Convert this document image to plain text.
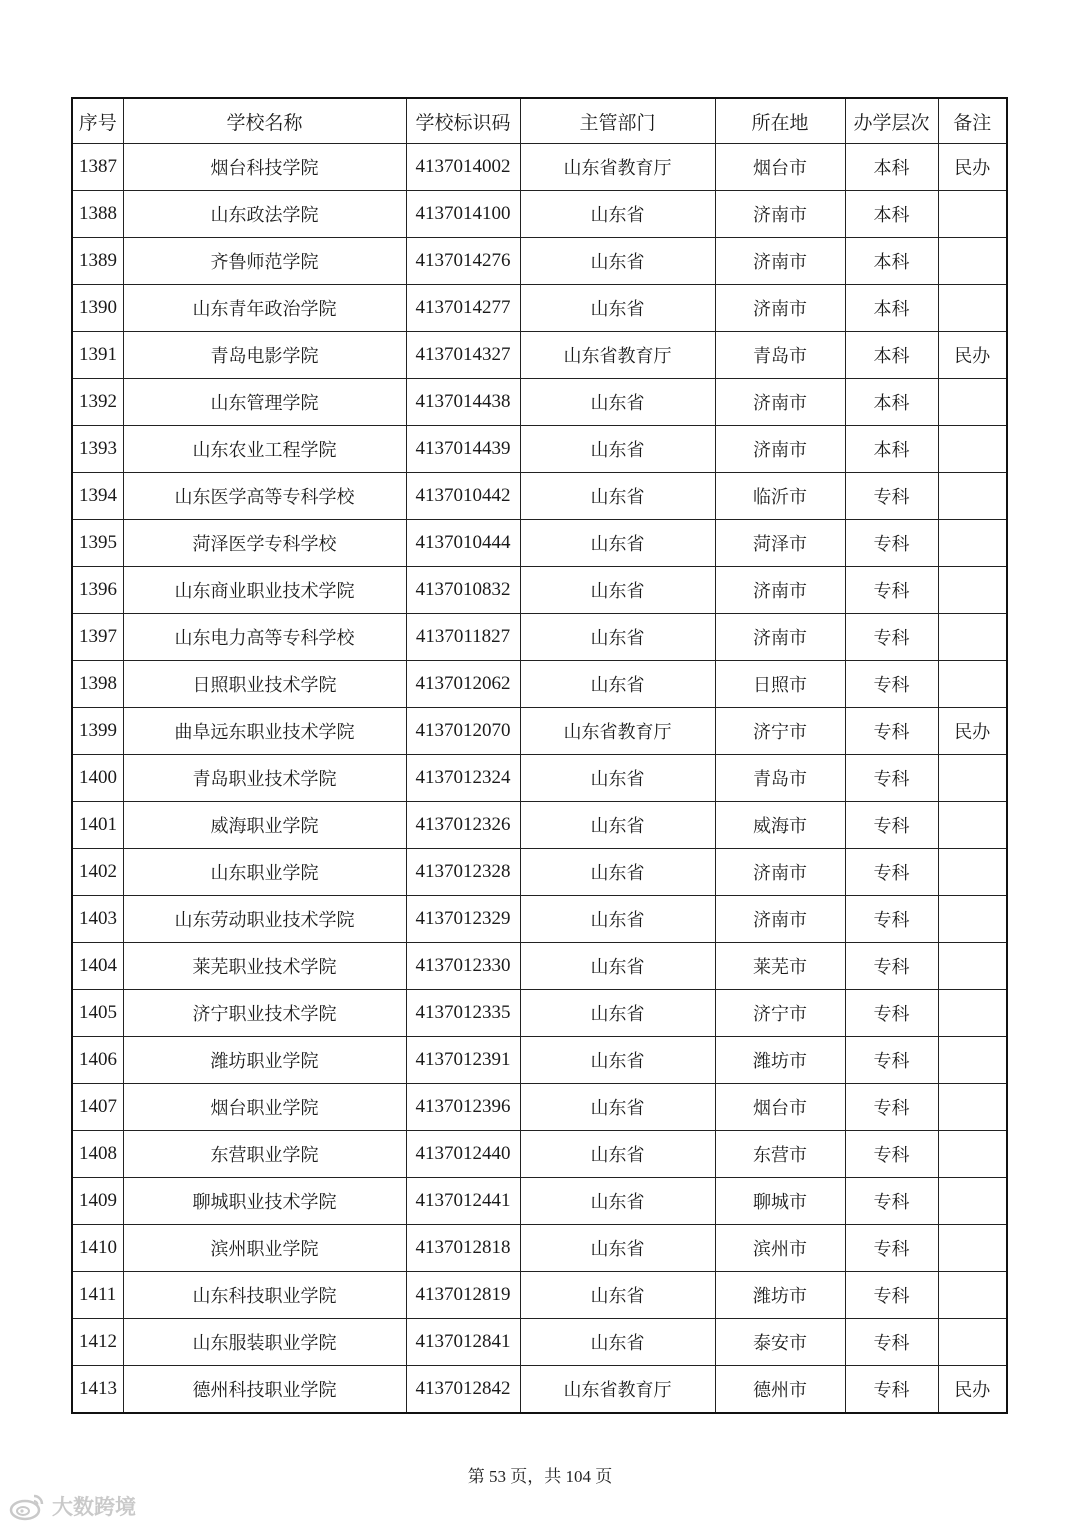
序号	学校名称	学校标识码	主管部门	所在地	办学层次	备注
1387	烟台科技学院	4137014002	山东省教育厅	烟台市	本科	民办
1388	山东政法学院	4137014100	山东省	济南市	本科	
1389	齐鲁师范学院	4137014276	山东省	济南市	本科	
1390	山东青年政治学院	4137014277	山东省	济南市	本科	
1391	青岛电影学院	4137014327	山东省教育厅	青岛市	本科	民办
1392	山东管理学院	4137014438	山东省	济南市	本科	
1393	山东农业工程学院	4137014439	山东省	济南市	本科	
1394	山东医学高等专科学校	4137010442	山东省	临沂市	专科	
1395	菏泽医学专科学校	4137010444	山东省	菏泽市	专科	
1396	山东商业职业技术学院	4137010832	山东省	济南市	专科	
1397	山东电力高等专科学校	4137011827	山东省	济南市	专科	
1398	日照职业技术学院	4137012062	山东省	日照市	专科	
1399	曲阜远东职业技术学院	4137012070	山东省教育厅	济宁市	专科	民办
1400	青岛职业技术学院	4137012324	山东省	青岛市	专科	
1401	威海职业学院	4137012326	山东省	威海市	专科	
1402	山东职业学院	4137012328	山东省	济南市	专科	
1403	山东劳动职业技术学院	4137012329	山东省	济南市	专科	
1404	莱芜职业技术学院	4137012330	山东省	莱芜市	专科	
1405	济宁职业技术学院	4137012335	山东省	济宁市	专科	
1406	潍坊职业学院	4137012391	山东省	潍坊市	专科	
1407	烟台职业学院	4137012396	山东省	烟台市	专科	
1408	东营职业学院	4137012440	山东省	东营市	专科	
1409	聊城职业技术学院	4137012441	山东省	聊城市	专科	
1410	滨州职业学院	4137012818	山东省	滨州市	专科	
1411	山东科技职业学院	4137012819	山东省	潍坊市	专科	
1412	山东服装职业学院	4137012841	山东省	泰安市	专科	
1413	德州科技职业学院	4137012842	山东省教育厅	德州市	专科	民办
第 53 页，共 104 页
大数跨境
